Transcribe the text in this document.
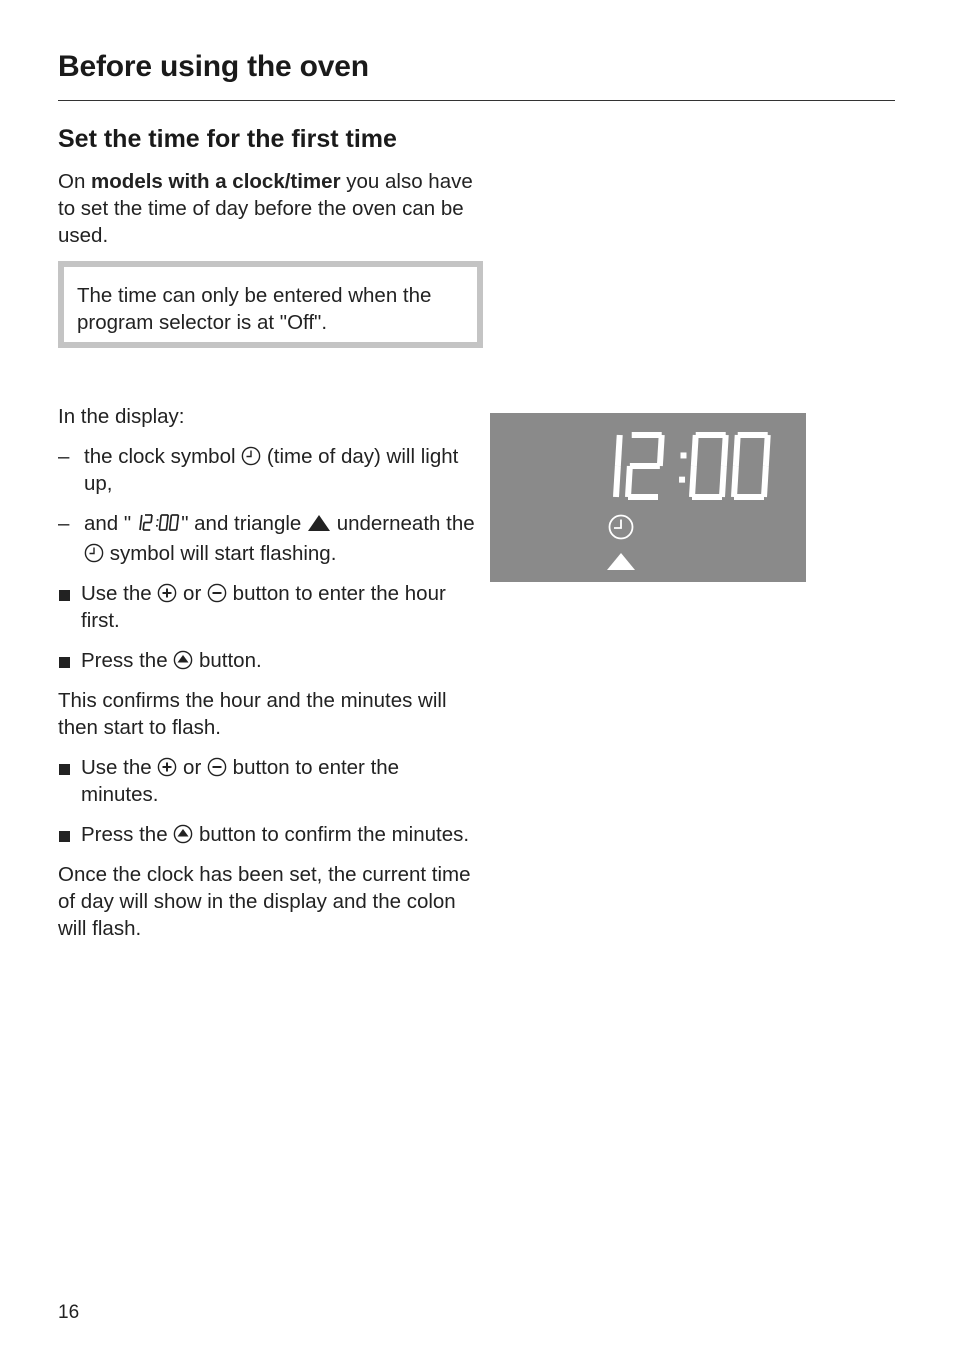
Before using the oven
Set the time for the first time

On models with a clock/timer you also have to set the time of day before the oven can be used.

The time can only be entered when the program selector is at "Off".

In the display:

– the clock symbol  (time of day) will light up,
– and " " and triangle  underneath the  symbol will start flashing.
Use the  or  button to enter the hour first.
Press the  button.

This confirms the hour and the minutes will then start to flash.

Use the  or  button to enter the minutes.
Press the  button to confirm the minutes.

Once the clock has been set, the current time of day will show in the display and the colon will flash.

16
